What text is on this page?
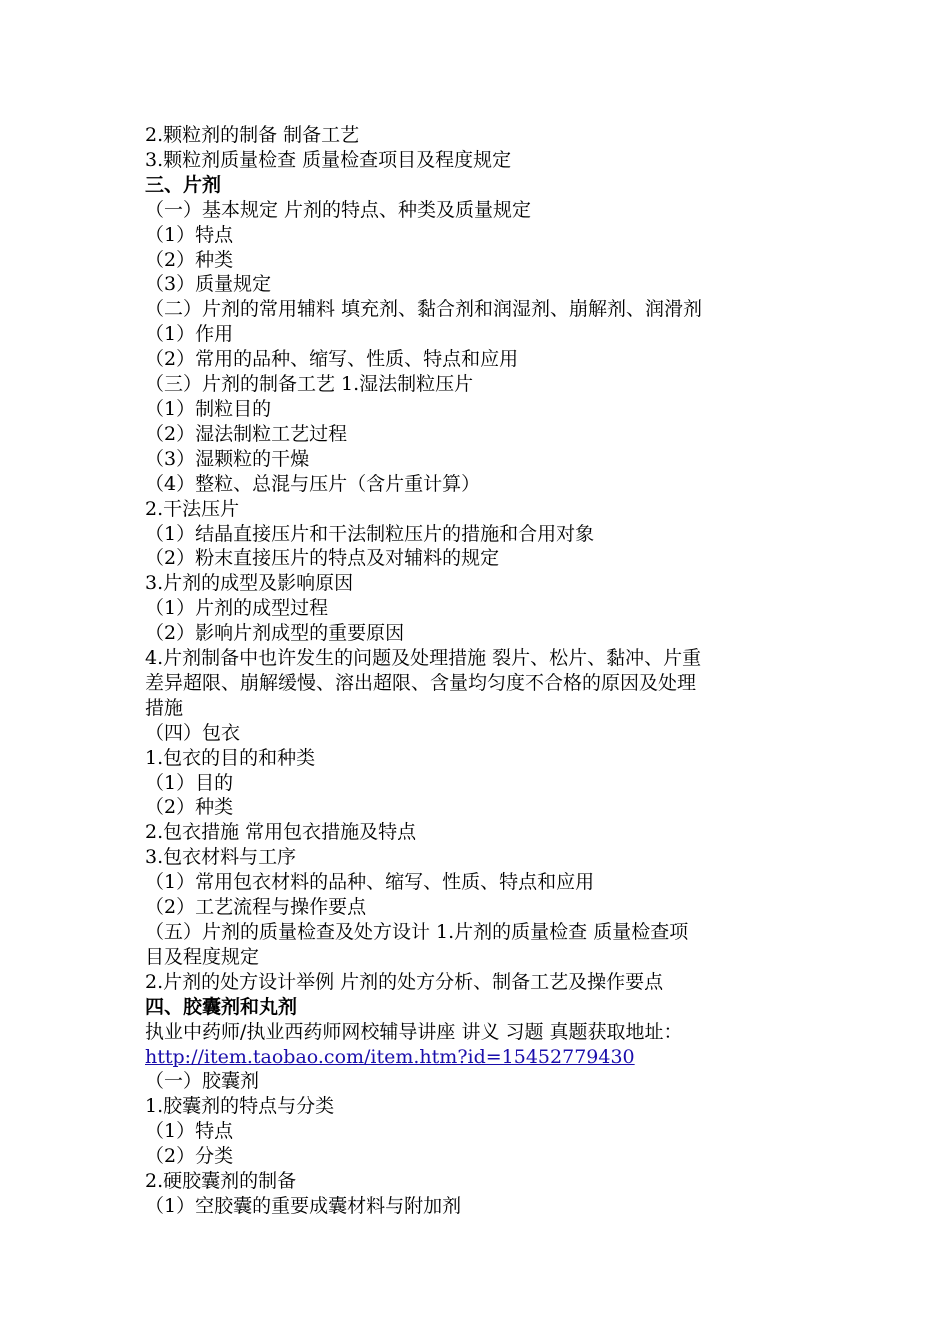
2.颗粒剂的制备 制备工艺
3.颗粒剂质量检查 质量检查项目及程度规定
三、片剂
（一）基本规定 片剂的特点、种类及质量规定
（1）特点
（2）种类
（3）质量规定
（二）片剂的常用辅料 填充剂、黏合剂和润湿剂、崩解剂、润滑剂
（1）作用
（2）常用的品种、缩写、性质、特点和应用
（三）片剂的制备工艺 1.湿法制粒压片
（1）制粒目的
（2）湿法制粒工艺过程
（3）湿颗粒的干燥
（4）整粒、总混与压片（含片重计算）
2.干法压片
（1）结晶直接压片和干法制粒压片的措施和合用对象
（2）粉末直接压片的特点及对辅料的规定
3.片剂的成型及影响原因
（1）片剂的成型过程
（2）影响片剂成型的重要原因
4.片剂制备中也许发生的问题及处理措施 裂片、松片、黏冲、片重
差异超限、崩解缓慢、溶出超限、含量均匀度不合格的原因及处理
措施
（四）包衣
1.包衣的目的和种类
（1）目的
（2）种类
2.包衣措施 常用包衣措施及特点
3.包衣材料与工序
（1）常用包衣材料的品种、缩写、性质、特点和应用
（2）工艺流程与操作要点
（五）片剂的质量检查及处方设计 1.片剂的质量检查 质量检查项
目及程度规定
2.片剂的处方设计举例 片剂的处方分析、制备工艺及操作要点
四、胶囊剂和丸剂
执业中药师/执业西药师网校辅导讲座 讲义 习题 真题获取地址：
http://item.taobao.com/item.htm?id=15452779430
（一）胶囊剂
1.胶囊剂的特点与分类
（1）特点
（2）分类
2.硬胶囊剂的制备
（1）空胶囊的重要成囊材料与附加剂
